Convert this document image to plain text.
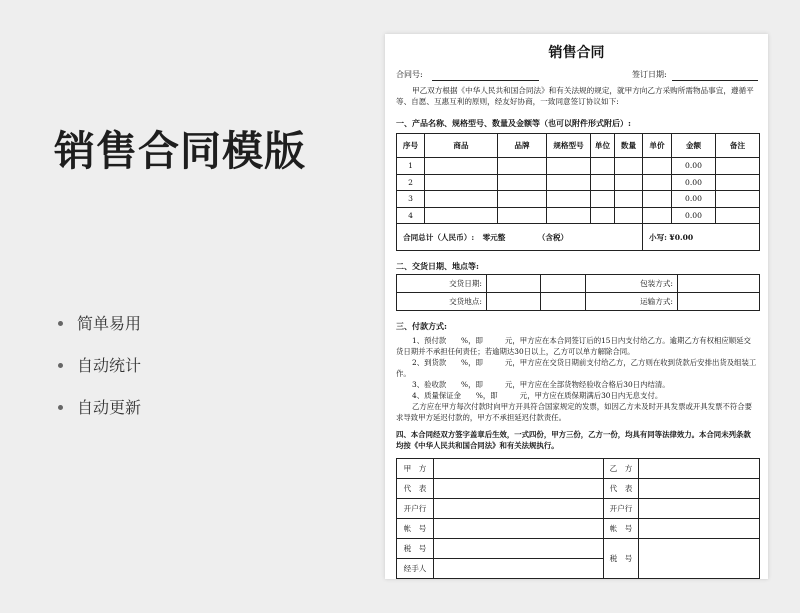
销售合同模版
简单易用
自动统计
自动更新
销售合同
合同号:	签订日期:
甲乙双方根据《中华人民共和国合同法》和有关法规的规定，就甲方向乙方采购所需物品事宜，遵循平等、自愿、互惠互利的原则，经友好协商，一致同意签订协议如下:
一、产品名称、规格型号、数量及金额等（也可以附件形式附后）:
序号	商品	品牌	规格型号	单位	数量	单价	金额	备注
1							0.00	
2							0.00	
3							0.00	
4							0.00	
合同总计（人民币）: 零元整 （含税）						小写: ¥0.00		
二、交货日期、地点等:
交货日期:			包装方式:	
交货地点:			运输方式:	
三、付款方式:
1、预付款　　%，即　　　元，甲方应在本合同签订后的15日内支付给乙方。逾期乙方有权相应顺延交货日期并不承担任何责任；若逾期达30日以上，乙方可以单方解除合同。
2、到货款　　%，即　　　元，甲方应在交货日期前支付给乙方，乙方则在收到货款后安排出货及组装工作。
3、验收款　　%，即　　　元，甲方应在全部货物经验收合格后30日内结清。
4、质量保证金　　%，即　　　元，甲方应在质保期满后30日内无息支付。
乙方应在甲方每次付款时向甲方开具符合国家规定的发票，如因乙方未及时开具发票或开具发票不符合要求导致甲方延迟付款的，甲方不承担延迟付款责任。
四、本合同经双方签字盖章后生效，一式四份，甲方三份，乙方一份，均具有同等法律效力。本合同未列条款均按《中华人民共和国合同法》和有关法规执行。
甲　方		乙　方	
代　表		代　表	
开户行		开户行	
帐　号		帐　号	
税　号		税　号	
经手人			
